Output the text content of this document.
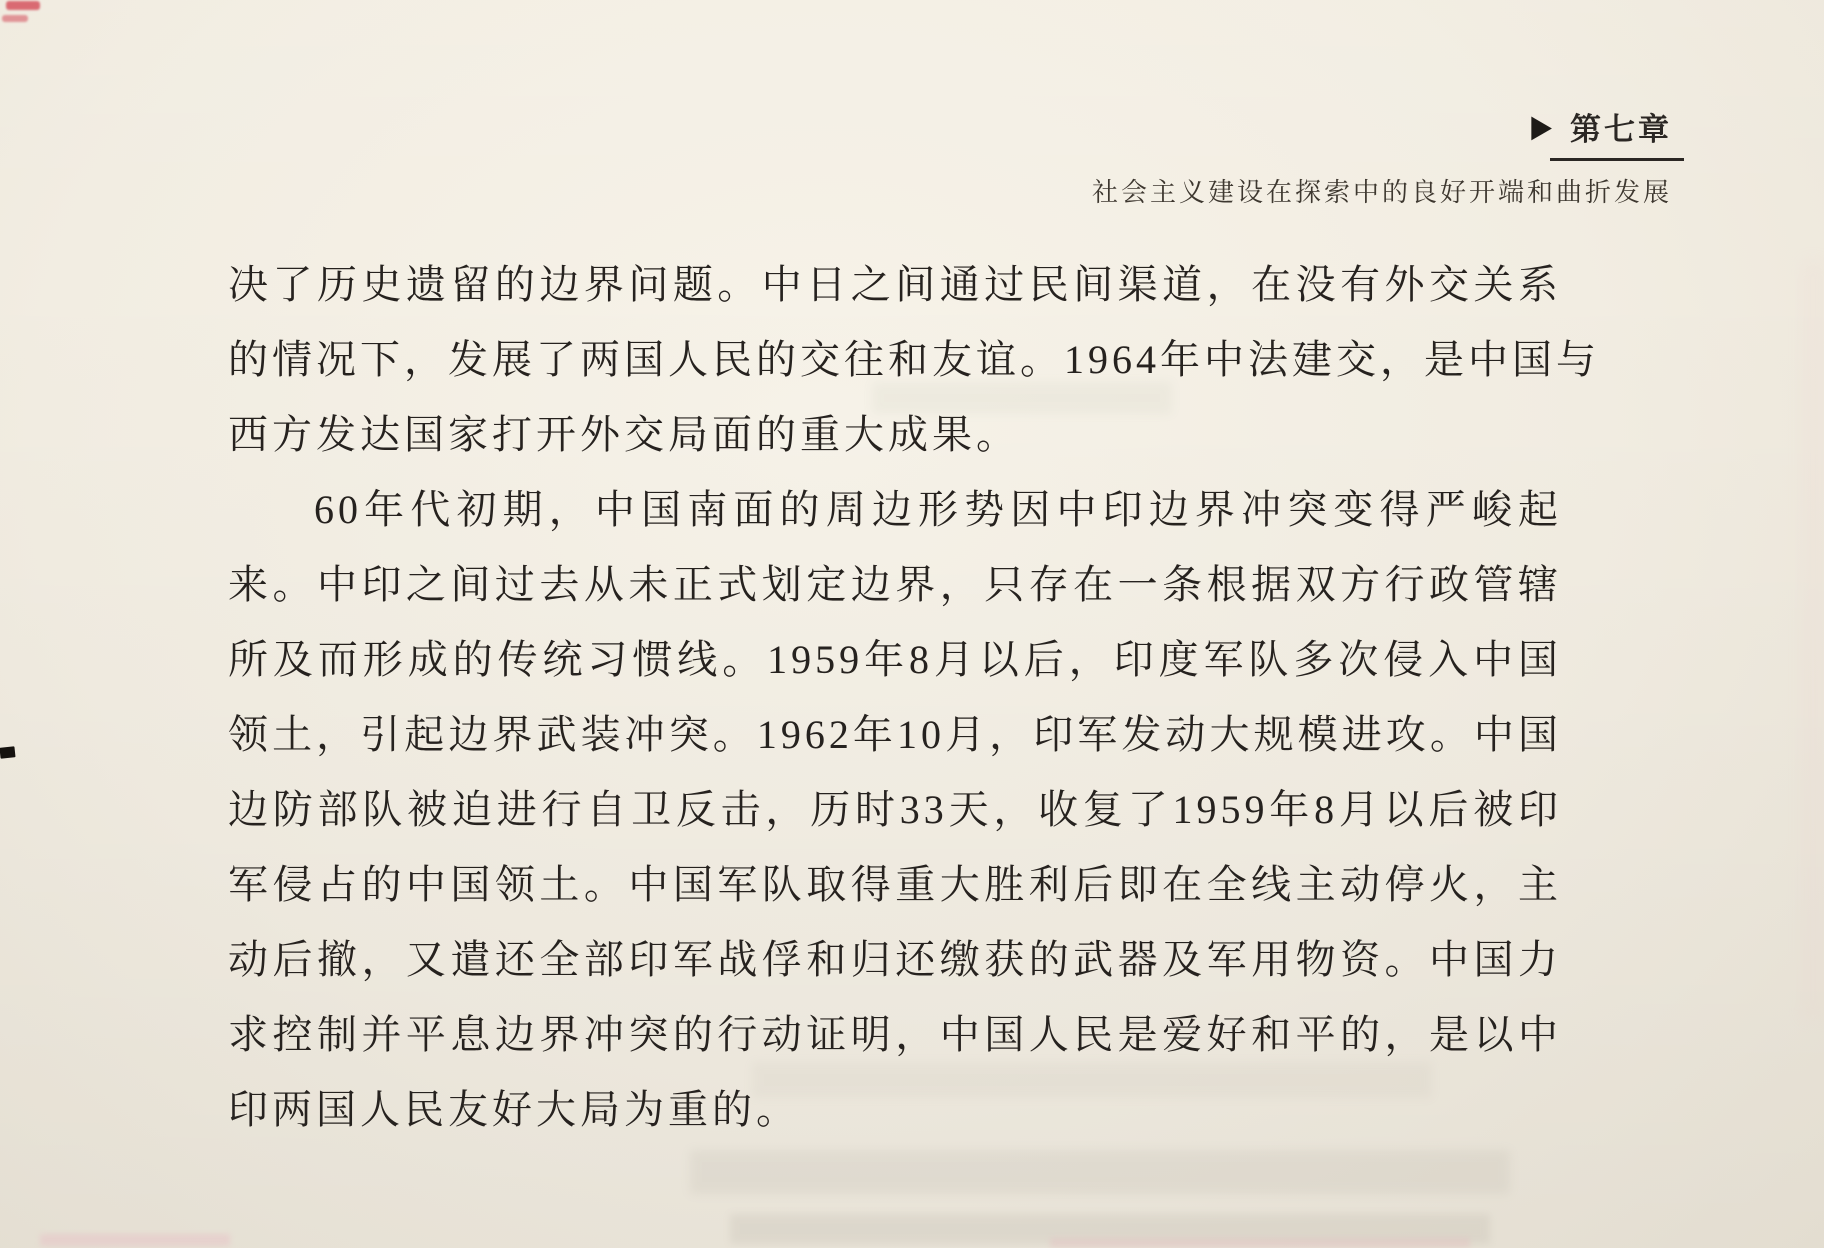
▶ 第七章
社会主义建设在探索中的良好开端和曲折发展
决了历史遗留的边界问题。中日之间通过民间渠道，在没有外交关系
的情况下，发展了两国人民的交往和友谊。1964年中法建交，是中国与
西方发达国家打开外交局面的重大成果。
60年代初期，中国南面的周边形势因中印边界冲突变得严峻起
来。中印之间过去从未正式划定边界，只存在一条根据双方行政管辖
所及而形成的传统习惯线。1959年8月以后，印度军队多次侵入中国
领土，引起边界武装冲突。1962年10月，印军发动大规模进攻。中国
边防部队被迫进行自卫反击，历时33天，收复了1959年8月以后被印
军侵占的中国领土。中国军队取得重大胜利后即在全线主动停火，主
动后撤，又遣还全部印军战俘和归还缴获的武器及军用物资。中国力
求控制并平息边界冲突的行动证明，中国人民是爱好和平的，是以中
印两国人民友好大局为重的。
